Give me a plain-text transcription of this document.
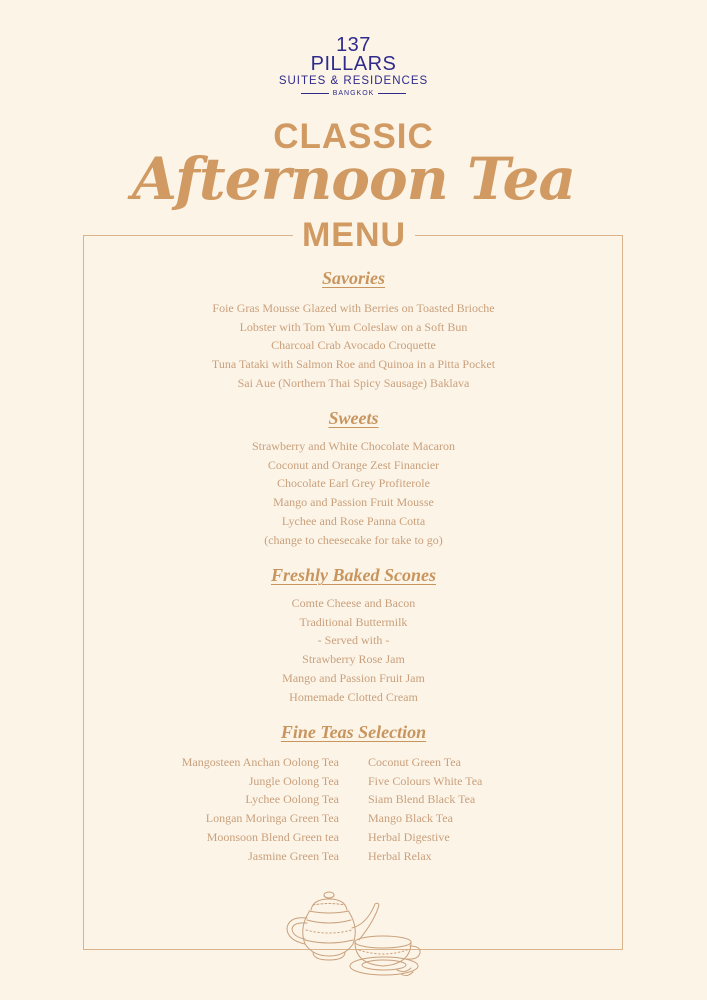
137
PILLARS
SUITES & RESIDENCES
BANGKOK
CLASSIC
Afternoon Tea
MENU
Savories
Foie Gras Mousse Glazed with Berries on Toasted Brioche
Lobster with Tom Yum Coleslaw on a Soft Bun
Charcoal Crab Avocado Croquette
Tuna Tataki with Salmon Roe and Quinoa in a Pitta Pocket
Sai Aue (Northern Thai Spicy Sausage) Baklava
Sweets
Strawberry and White Chocolate Macaron
Coconut and Orange Zest Financier
Chocolate Earl Grey Profiterole
Mango and Passion Fruit Mousse
Lychee and Rose Panna Cotta
(change to cheesecake for take to go)
Freshly Baked Scones
Comte Cheese and Bacon
Traditional Buttermilk
- Served with -
Strawberry Rose Jam
Mango and Passion Fruit Jam
Homemade Clotted Cream
Fine Teas Selection
Mangosteen Anchan Oolong Tea
Jungle Oolong Tea
Lychee Oolong Tea
Longan Moringa Green Tea
Moonsoon Blend Green tea
Jasmine Green Tea
Coconut Green Tea
Five Colours White Tea
Siam Blend Black Tea
Mango Black Tea
Herbal Digestive
Herbal Relax
